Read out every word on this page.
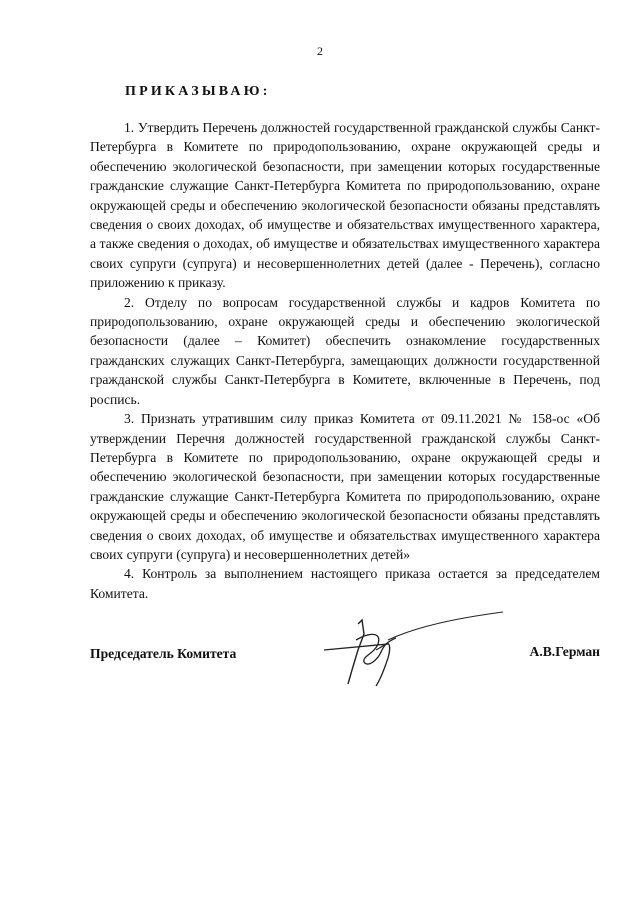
2
ПРИКАЗЫВАЮ:

1. Утвердить Перечень должностей государственной гражданской службы Санкт-Петербурга в Комитете по природопользованию, охране окружающей среды и обеспечению экологической безопасности, при замещении которых государственные гражданские служащие Санкт-Петербурга Комитета по природопользованию, охране окружающей среды и обеспечению экологической безопасности обязаны представлять сведения о своих доходах, об имуществе и обязательствах имущественного характера, а также сведения о доходах, об имуществе и обязательствах имущественного характера своих супруги (супруга) и несовершеннолетних детей (далее - Перечень), согласно приложению к приказу.

2. Отделу по вопросам государственной службы и кадров Комитета по природопользованию, охране окружающей среды и обеспечению экологической безопасности (далее – Комитет) обеспечить ознакомление государственных гражданских служащих Санкт-Петербурга, замещающих должности государственной гражданской службы Санкт-Петербурга в Комитете, включенные в Перечень, под роспись.

3. Признать утратившим силу приказ Комитета от 09.11.2021 № 158-ос «Об утверждении Перечня должностей государственной гражданской службы Санкт-Петербурга в Комитете по природопользованию, охране окружающей среды и обеспечению экологической безопасности, при замещении которых государственные гражданские служащие Санкт-Петербурга Комитета по природопользованию, охране окружающей среды и обеспечению экологической безопасности обязаны представлять сведения о своих доходах, об имуществе и обязательствах имущественного характера своих супруги (супруга) и несовершеннолетних детей»

4. Контроль за выполнением настоящего приказа остается за председателем Комитета.

Председатель Комитета	А.В.Герман
